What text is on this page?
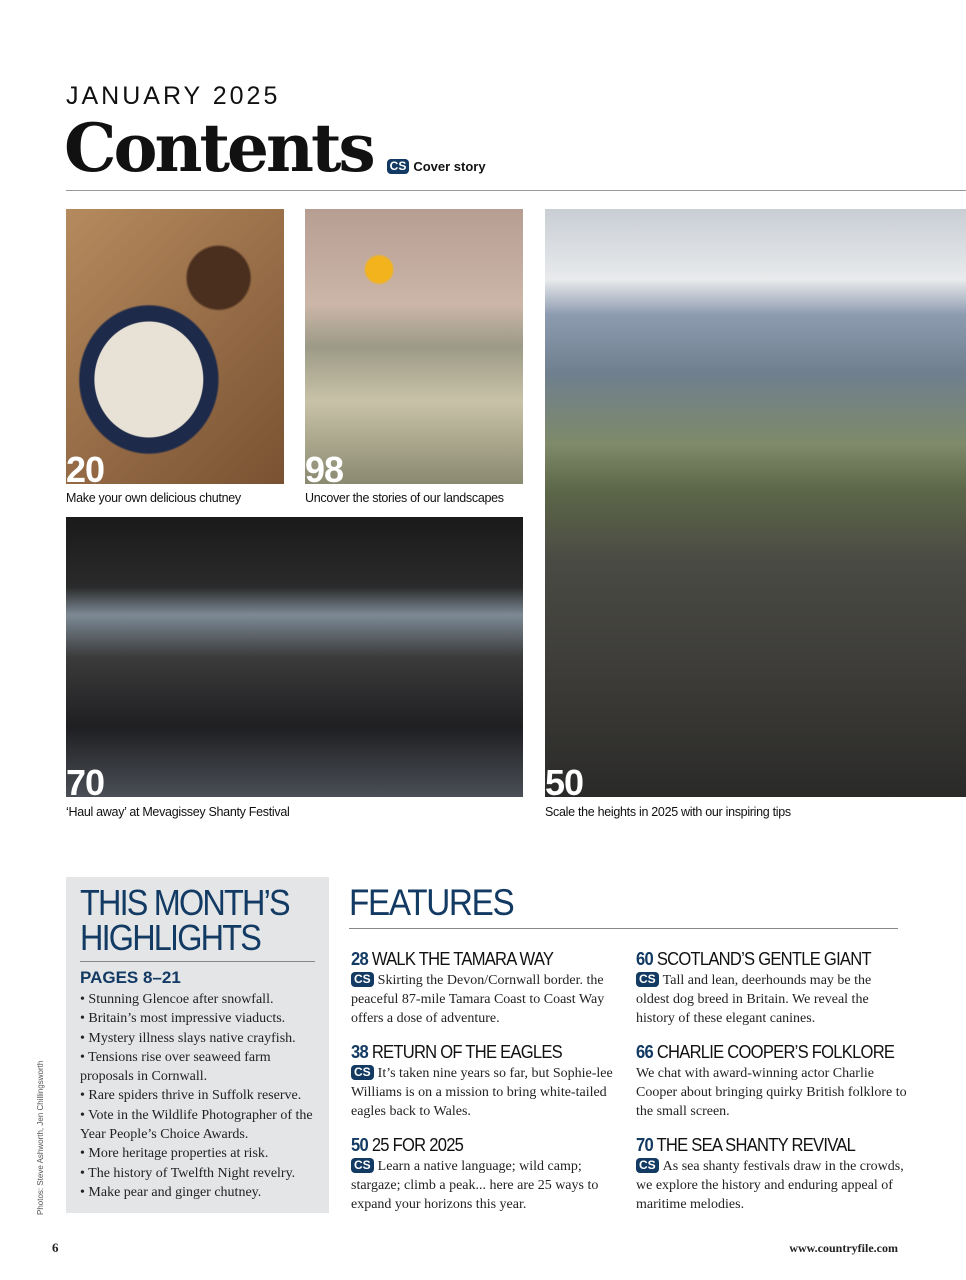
JANUARY 2025
Contents CS Cover story
20
Make your own delicious chutney
98
Uncover the stories of our landscapes
50
Scale the heights in 2025 with our inspiring tips
70
‘Haul away’ at Mevagissey Shanty Festival
THIS MONTH’S HIGHLIGHTS
PAGES 8–21
• Stunning Glencoe after snowfall.
• Britain’s most impressive viaducts.
• Mystery illness slays native crayfish.
• Tensions rise over seaweed farm proposals in Cornwall.
• Rare spiders thrive in Suffolk reserve.
• Vote in the Wildlife Photographer of the Year People’s Choice Awards.
• More heritage properties at risk.
• The history of Twelfth Night revelry.
• Make pear and ginger chutney.
FEATURES
28 WALK THE TAMARA WAY
CS Skirting the Devon/Cornwall border. the peaceful 87-mile Tamara Coast to Coast Way offers a dose of adventure.
38 RETURN OF THE EAGLES
CS It’s taken nine years so far, but Sophie-lee Williams is on a mission to bring white-tailed eagles back to Wales.
50 25 FOR 2025
CS Learn a native language; wild camp; stargaze; climb a peak... here are 25 ways to expand your horizons this year.
60 SCOTLAND’S GENTLE GIANT
CS Tall and lean, deerhounds may be the oldest dog breed in Britain. We reveal the history of these elegant canines.
66 CHARLIE COOPER’S FOLKLORE
We chat with award-winning actor Charlie Cooper about bringing quirky British folklore to the small screen.
70 THE SEA SHANTY REVIVAL
CS As sea shanty festivals draw in the crowds, we explore the history and enduring appeal of maritime melodies.
Photos: Steve Ashworth, Jen Chillingsworth
6	www.countryfile.com
